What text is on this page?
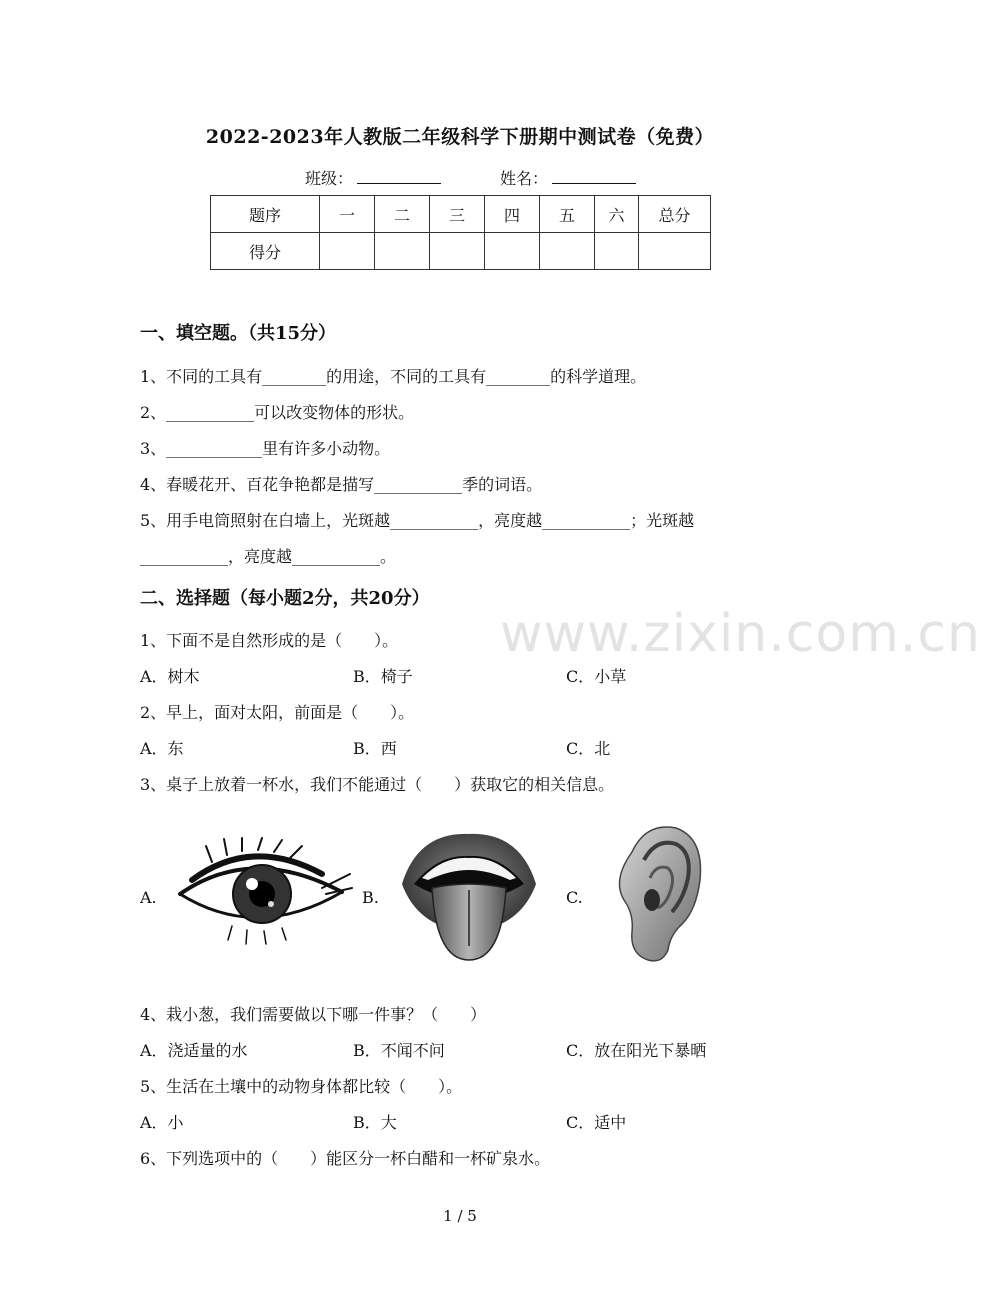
2022-2023年人教版二年级科学下册期中测试卷（免费）
班级：	姓名：
题序	一	二	三	四	五	六	总分
得分							
一、填空题。（共15分）
1、不同的工具有________的用途，不同的工具有________的科学道理。
2、___________可以改变物体的形状。
3、____________里有许多小动物。
4、春暖花开、百花争艳都是描写___________季的词语。
5、用手电筒照射在白墙上，光斑越___________，亮度越___________；光斑越
___________，亮度越___________。
二、选择题（每小题2分，共20分）
www.zixin.com.cn
1、下面不是自然形成的是（　　）。
A．树木	B．椅子	C．小草
2、早上，面对太阳，前面是（　　）。
A．东	B．西	C．北
3、桌子上放着一杯水，我们不能通过（　　）获取它的相关信息。
A.	B.	C.
4、栽小葱，我们需要做以下哪一件事？（　　）
A．浇适量的水	B．不闻不问	C．放在阳光下暴晒
5、生活在土壤中的动物身体都比较（　　）。
A．小	B．大	C．适中
6、下列选项中的（　　）能区分一杯白醋和一杯矿泉水。
1 / 5
